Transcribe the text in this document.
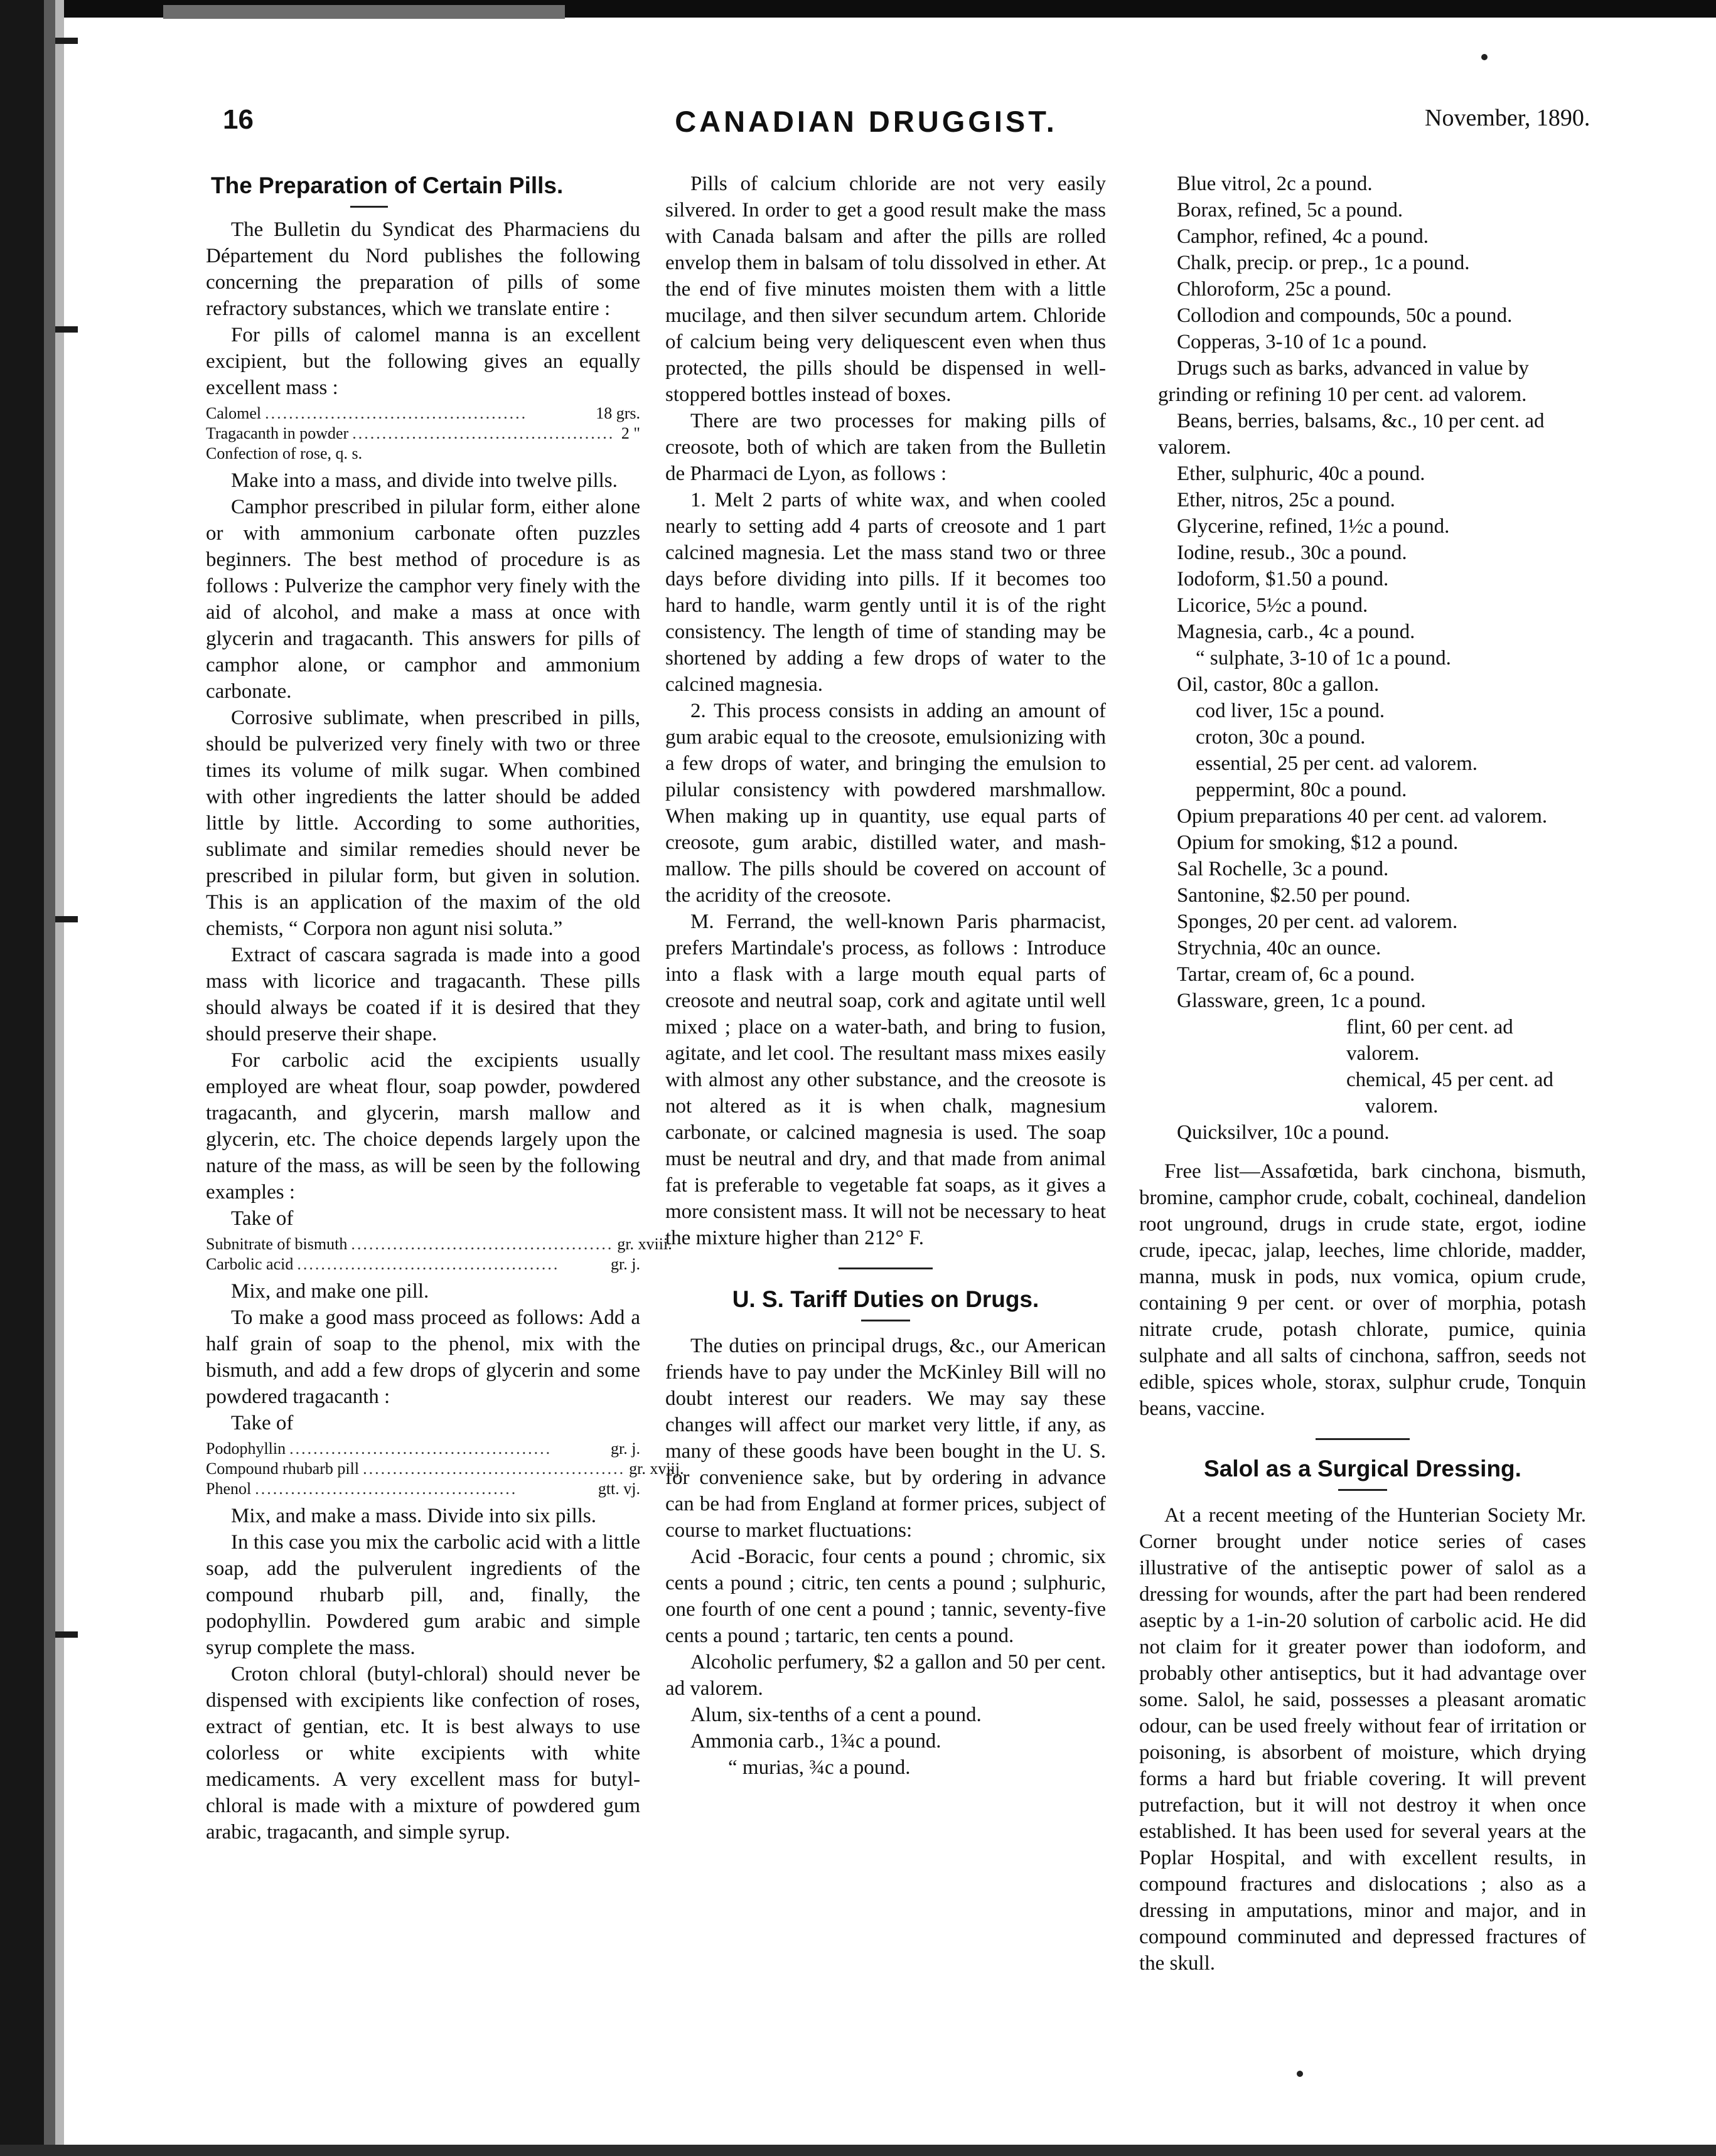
16	CANADIAN DRUGGIST.	November, 1890.
The Preparation of Certain Pills.

The Bulletin du Syndicat des Pharmaciens du Département du Nord publishes the following concerning the preparation of pills of some refractory substances, which we translate entire :

For pills of calomel manna is an excellent excipient, but the following gives an equally excellent mass :

Calomel ............................................	18 grs.
Tragacanth in powder ............................................ 2 "
Confection of rose, q. s.

Make into a mass, and divide into twelve pills.

Camphor prescribed in pilular form, either alone or with ammonium carbonate often puzzles beginners. The best method of procedure is as follows : Pulverize the camphor very finely with the aid of alcohol, and make a mass at once with glycerin and tragacanth. This answers for pills of camphor alone, or camphor and ammonium carbonate.

Corrosive sublimate, when prescribed in pills, should be pulverized very finely with two or three times its volume of milk sugar. When combined with other ingredients the latter should be added little by little. According to some authorities, sublimate and similar remedies should never be prescribed in pilular form, but given in solution. This is an application of the maxim of the old chemists, “ Corpora non agunt nisi soluta.”

Extract of cascara sagrada is made into a good mass with licorice and tragacanth. These pills should always be coated if it is desired that they should preserve their shape.

For carbolic acid the excipients usually employed are wheat flour, soap powder, powdered tragacanth, and glycerin, marsh mallow and glycerin, etc. The choice depends largely upon the nature of the mass, as will be seen by the following examples :

Take of

Subnitrate of bismuth ............................................ gr. xviii.
Carbolic acid ............................................	gr. j.

Mix, and make one pill.

To make a good mass proceed as follows: Add a half grain of soap to the phenol, mix with the bismuth, and add a few drops of glycerin and some powdered tragacanth :

Take of

Podophyllin ............................................	gr. j.
Compound rhubarb pill ............................................ gr. xviij.
Phenol ............................................	gtt. vj.

Mix, and make a mass. Divide into six pills.

In this case you mix the carbolic acid with a little soap, add the pulverulent ingredients of the compound rhubarb pill, and, finally, the podophyllin. Powdered gum arabic and simple syrup complete the mass.

Croton chloral (butyl-chloral) should never be dispensed with excipients like confection of roses, extract of gentian, etc. It is best always to use colorless or white excipients with white medicaments. A very excellent mass for butyl-chloral is made with a mixture of powdered gum arabic, tragacanth, and simple syrup.

Pills of calcium chloride are not very easily silvered. In order to get a good result make the mass with Canada balsam and after the pills are rolled envelop them in balsam of tolu dissolved in ether. At the end of five minutes moisten them with a little mucilage, and then silver secundum artem. Chloride of calcium being very deliquescent even when thus protected, the pills should be dispensed in well-stoppered bottles instead of boxes.

There are two processes for making pills of creosote, both of which are taken from the Bulletin de Pharmaci de Lyon, as follows :

1. Melt 2 parts of white wax, and when cooled nearly to setting add 4 parts of creosote and 1 part calcined magnesia. Let the mass stand two or three days before dividing into pills. If it becomes too hard to handle, warm gently until it is of the right consistency. The length of time of standing may be shortened by adding a few drops of water to the calcined magnesia.

2. This process consists in adding an amount of gum arabic equal to the creosote, emulsionizing with a few drops of water, and bringing the emulsion to pilular consistency with powdered marshmallow. When making up in quantity, use equal parts of creosote, gum arabic, distilled water, and mash-mallow. The pills should be covered on account of the acridity of the creosote.

M. Ferrand, the well-known Paris pharmacist, prefers Martindale's process, as follows : Introduce into a flask with a large mouth equal parts of creosote and neutral soap, cork and agitate until well mixed ; place on a water-bath, and bring to fusion, agitate, and let cool. The resultant mass mixes easily with almost any other substance, and the creosote is not altered as it is when chalk, magnesium carbonate, or calcined magnesia is used. The soap must be neutral and dry, and that made from animal fat is preferable to vegetable fat soaps, as it gives a more consistent mass. It will not be necessary to heat the mixture higher than 212° F.

U. S. Tariff Duties on Drugs.

The duties on principal drugs, &c., our American friends have to pay under the McKinley Bill will no doubt interest our readers. We may say these changes will affect our market very little, if any, as many of these goods have been bought in the U. S. for convenience sake, but by ordering in advance can be had from England at former prices, subject of course to market fluctuations:

Acid -Boracic, four cents a pound ; chromic, six cents a pound ; citric, ten cents a pound ; sulphuric, one fourth of one cent a pound ; tannic, seventy-five cents a pound ; tartaric, ten cents a pound.

Alcoholic perfumery, $2 a gallon and 50 per cent. ad valorem.

Alum, six-tenths of a cent a pound.

Ammonia carb., 1¾c a pound.

“ murias, ¾c a pound.

Blue vitrol, 2c a pound.

Borax, refined, 5c a pound.

Camphor, refined, 4c a pound.

Chalk, precip. or prep., 1c a pound.

Chloroform, 25c a pound.

Collodion and compounds, 50c a pound.

Copperas, 3-10 of 1c a pound.

Drugs such as barks, advanced in value by grinding or refining 10 per cent. ad valorem.

Beans, berries, balsams, &c., 10 per cent. ad valorem.

Ether, sulphuric, 40c a pound.

Ether, nitros, 25c a pound.

Glycerine, refined, 1½c a pound.

Iodine, resub., 30c a pound.

Iodoform, $1.50 a pound.

Licorice, 5½c a pound.

Magnesia, carb., 4c a pound.

“ sulphate, 3-10 of 1c a pound.

Oil, castor, 80c a gallon.

cod liver, 15c a pound.

croton, 30c a pound.

essential, 25 per cent. ad valorem.

peppermint, 80c a pound.

Opium preparations 40 per cent. ad valorem.

Opium for smoking, $12 a pound.

Sal Rochelle, 3c a pound.

Santonine, $2.50 per pound.

Sponges, 20 per cent. ad valorem.

Strychnia, 40c an ounce.

Tartar, cream of, 6c a pound.

Glassware, green, 1c a pound.

flint, 60 per cent. ad valorem.

chemical, 45 per cent. ad

valorem.

Quicksilver, 10c a pound.

Free list—Assafœtida, bark cinchona, bismuth, bromine, camphor crude, cobalt, cochineal, dandelion root unground, drugs in crude state, ergot, iodine crude, ipecac, jalap, leeches, lime chloride, madder, manna, musk in pods, nux vomica, opium crude, containing 9 per cent. or over of morphia, potash nitrate crude, potash chlorate, pumice, quinia sulphate and all salts of cinchona, saffron, seeds not edible, spices whole, storax, sulphur crude, Tonquin beans, vaccine.

Salol as a Surgical Dressing.

At a recent meeting of the Hunterian Society Mr. Corner brought under notice series of cases illustrative of the antiseptic power of salol as a dressing for wounds, after the part had been rendered aseptic by a 1-in-20 solution of carbolic acid. He did not claim for it greater power than iodoform, and probably other antiseptics, but it had advantage over some. Salol, he said, possesses a pleasant aromatic odour, can be used freely without fear of irritation or poisoning, is absorbent of moisture, which drying forms a hard but friable covering. It will prevent putrefaction, but it will not destroy it when once established. It has been used for several years at the Poplar Hospital, and with excellent results, in compound fractures and dislocations ; also as a dressing in amputations, minor and major, and in compound comminuted and depressed fractures of the skull.
